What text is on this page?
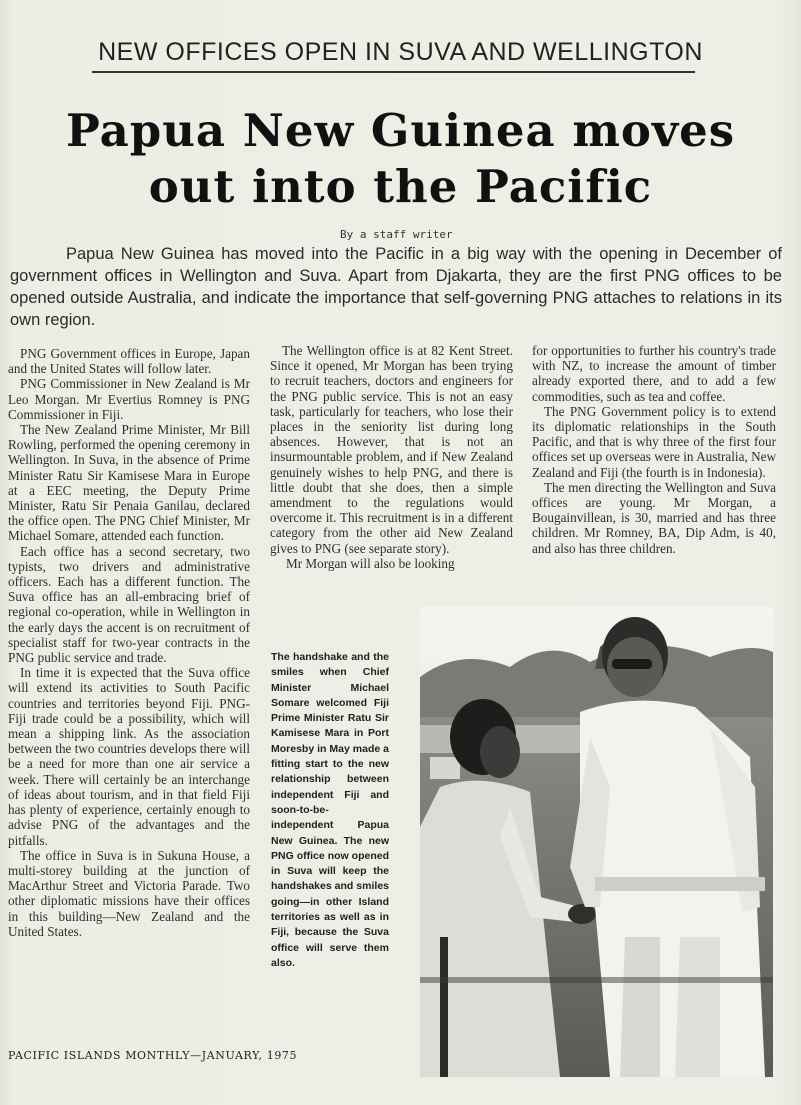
NEW OFFICES OPEN IN SUVA AND WELLINGTON
Papua New Guinea moves
out into the Pacific
By a staff writer

Papua New Guinea has moved into the Pacific in a big way with the opening in December of government offices in Wellington and Suva. Apart from Djakarta, they are the first PNG offices to be opened outside Australia, and indicate the importance that self-governing PNG attaches to relations in its own region.

PNG Government offices in Europe, Japan and the United States will follow later.

PNG Commissioner in New Zealand is Mr Leo Morgan. Mr Evertius Romney is PNG Commissioner in Fiji.

The New Zealand Prime Minister, Mr Bill Rowling, performed the opening ceremony in Wellington. In Suva, in the absence of Prime Minister Ratu Sir Kamisese Mara in Europe at a EEC meeting, the Deputy Prime Minister, Ratu Sir Penaia Ganilau, declared the office open. The PNG Chief Minister, Mr Michael Somare, attended each function.

Each office has a second secretary, two typists, two drivers and administrative officers. Each has a different function. The Suva office has an all-embracing brief of regional co-operation, while in Wellington in the early days the accent is on recruitment of specialist staff for two-year contracts in the PNG public service and trade.

In time it is expected that the Suva office will extend its activities to South Pacific countries and territories beyond Fiji. PNG-Fiji trade could be a possibility, which will mean a shipping link. As the association between the two countries develops there will be a need for more than one air service a week. There will certainly be an interchange of ideas about tourism, and in that field Fiji has plenty of experience, certainly enough to advise PNG of the advantages and the pitfalls.

The office in Suva is in Sukuna House, a multi-storey building at the junction of MacArthur Street and Victoria Parade. Two other diplomatic missions have their offices in this building—New Zealand and the United States.

The Wellington office is at 82 Kent Street. Since it opened, Mr Morgan has been trying to recruit teachers, doctors and engineers for the PNG public service. This is not an easy task, particularly for teachers, who lose their places in the seniority list during long absences. However, that is not an insurmountable problem, and if New Zealand genuinely wishes to help PNG, and there is little doubt that she does, then a simple amendment to the regulations would overcome it. This recruitment is in a different category from the other aid New Zealand gives to PNG (see separate story).

Mr Morgan will also be looking

for opportunities to further his country's trade with NZ, to increase the amount of timber already exported there, and to add a few commodities, such as tea and coffee.

The PNG Government policy is to extend its diplomatic relationships in the South Pacific, and that is why three of the first four offices set up overseas were in Australia, New Zealand and Fiji (the fourth is in Indonesia).

The men directing the Wellington and Suva offices are young. Mr Morgan, a Bougainvillean, is 30, married and has three children. Mr Romney, BA, Dip Adm, is 40, and also has three children.

The handshake and the smiles when Chief Minister Michael Somare welcomed Fiji Prime Minister Ratu Sir Kamisese Mara in Port Moresby in May made a fitting start to the new relationship between independent Fiji and soon-to-be-independent Papua New Guinea. The new PNG office now opened in Suva will keep the handshakes and smiles going—in other Island territories as well as in Fiji, because the Suva office will serve them also.
PACIFIC ISLANDS MONTHLY—JANUARY, 1975
